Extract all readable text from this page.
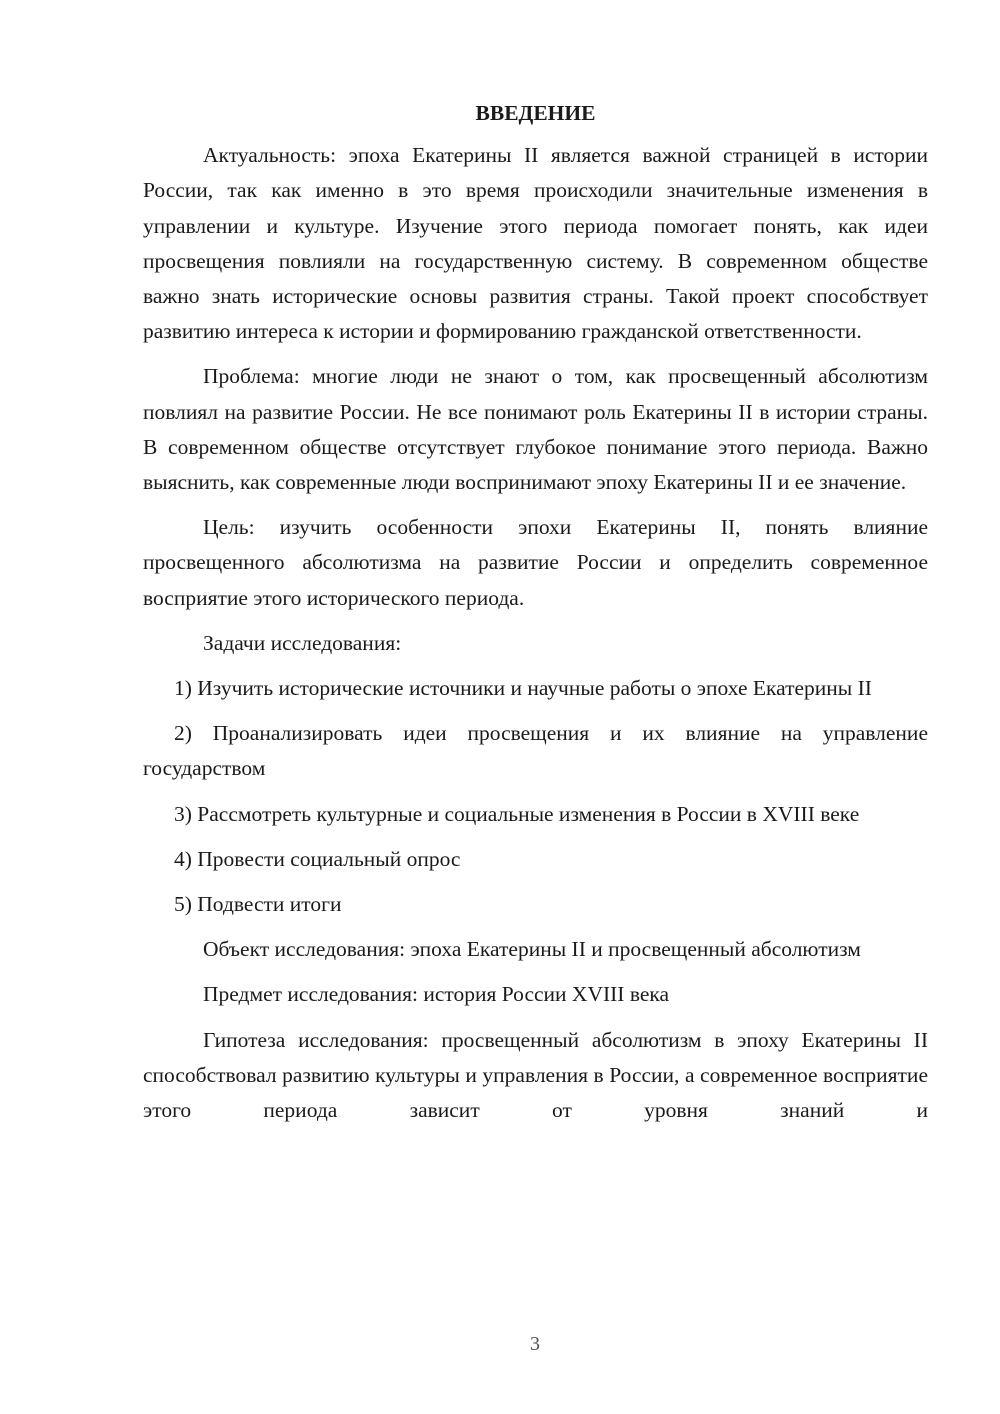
ВВЕДЕНИЕ

Актуальность: эпоха Екатерины II является важной страницей в истории России, так как именно в это время происходили значительные изменения в управлении и культуре. Изучение этого периода помогает понять, как идеи просвещения повлияли на государственную систему. В современном обществе важно знать исторические основы развития страны. Такой проект способствует развитию интереса к истории и формированию гражданской ответственности.

Проблема: многие люди не знают о том, как просвещенный абсолютизм повлиял на развитие России. Не все понимают роль Екатерины II в истории страны. В современном обществе отсутствует глубокое понимание этого периода. Важно выяснить, как современные люди воспринимают эпоху Екатерины II и ее значение.

Цель: изучить особенности эпохи Екатерины II, понять влияние просвещенного абсолютизма на развитие России и определить современное восприятие этого исторического периода.

Задачи исследования:

1) Изучить исторические источники и научные работы о эпохе Екатерины II

2) Проанализировать идеи просвещения и их влияние на управление государством

3) Рассмотреть культурные и социальные изменения в России в XVIII веке

4) Провести социальный опрос

5) Подвести итоги

Объект исследования: эпоха Екатерины II и просвещенный абсолютизм

Предмет исследования: история России XVIII века

Гипотеза исследования: просвещенный абсолютизм в эпоху Екатерины II способствовал развитию культуры и управления в России, а современное восприятие этого периода зависит от уровня знаний и

3
